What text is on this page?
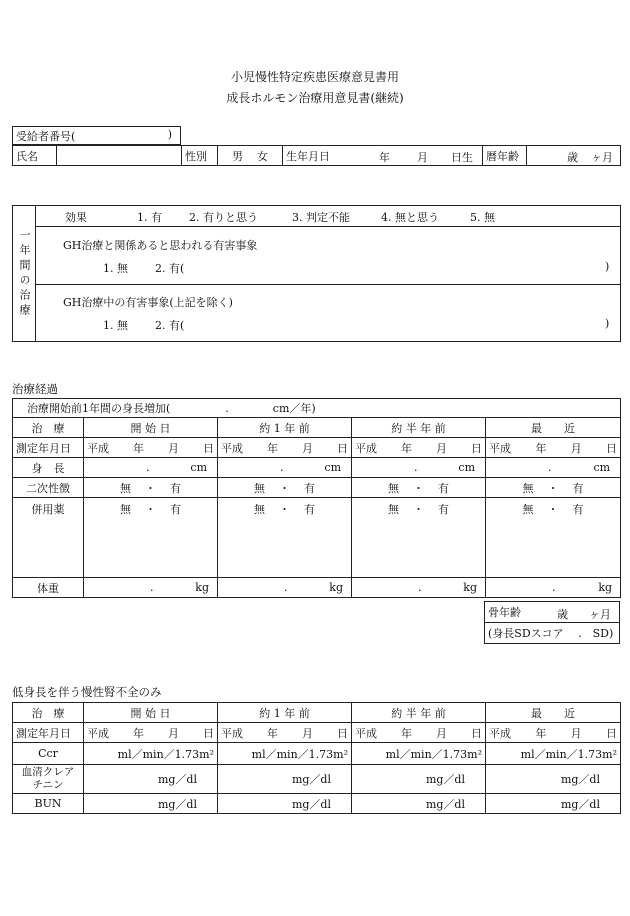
小児慢性特定疾患医療意見書用
成長ホルモン治療用意見書(継続)
受給者番号(	)
氏名		性別	男 女	生年月日	年 月 日生	暦年齢	歳 ヶ月
一年間の治療
効果	1. 有 2. 有りと思う	3. 判定不能	4. 無と思う	5. 無
GH治療と関係あると思われる有害事象
1. 無 2. 有(	)
GH治療中の有害事象(上記を除く)
1. 無 2. 有(	)
治療経過
治療開始前1年間の身長増加(　　　　　.　　　　cm／年)				
治　療	開 始 日	約 1 年 前	約 半 年 前	最　　近
測定年月日	平成 年 月 日	平成 年 月 日	平成 年 月 日	平成 年 月 日

身　長	. cm	. cm	. cm	. cm

二次性徴	無 ・ 有	無 ・ 有	無 ・ 有	無 ・ 有
併用薬	無 ・ 有	無 ・ 有	無 ・ 有	無 ・ 有
体重	. kg	. kg	. kg	. kg
骨年齢	歳 ヶ月

(身長SDスコア　 .　SD)
低身長を伴う慢性腎不全のみ
治　療	開 始 日	約 1 年 前	約 半 年 前	最　　近
測定年月日	平成 年 月 日	平成 年 月 日	平成 年 月 日	平成 年 月 日

Ccr	ml／min／1.73m²	ml／min／1.73m²	ml／min／1.73m²	ml／min／1.73m²
血清クレア チニン	mg／dl	mg／dl	mg／dl	mg／dl
BUN	mg／dl	mg／dl	mg／dl	mg／dl
